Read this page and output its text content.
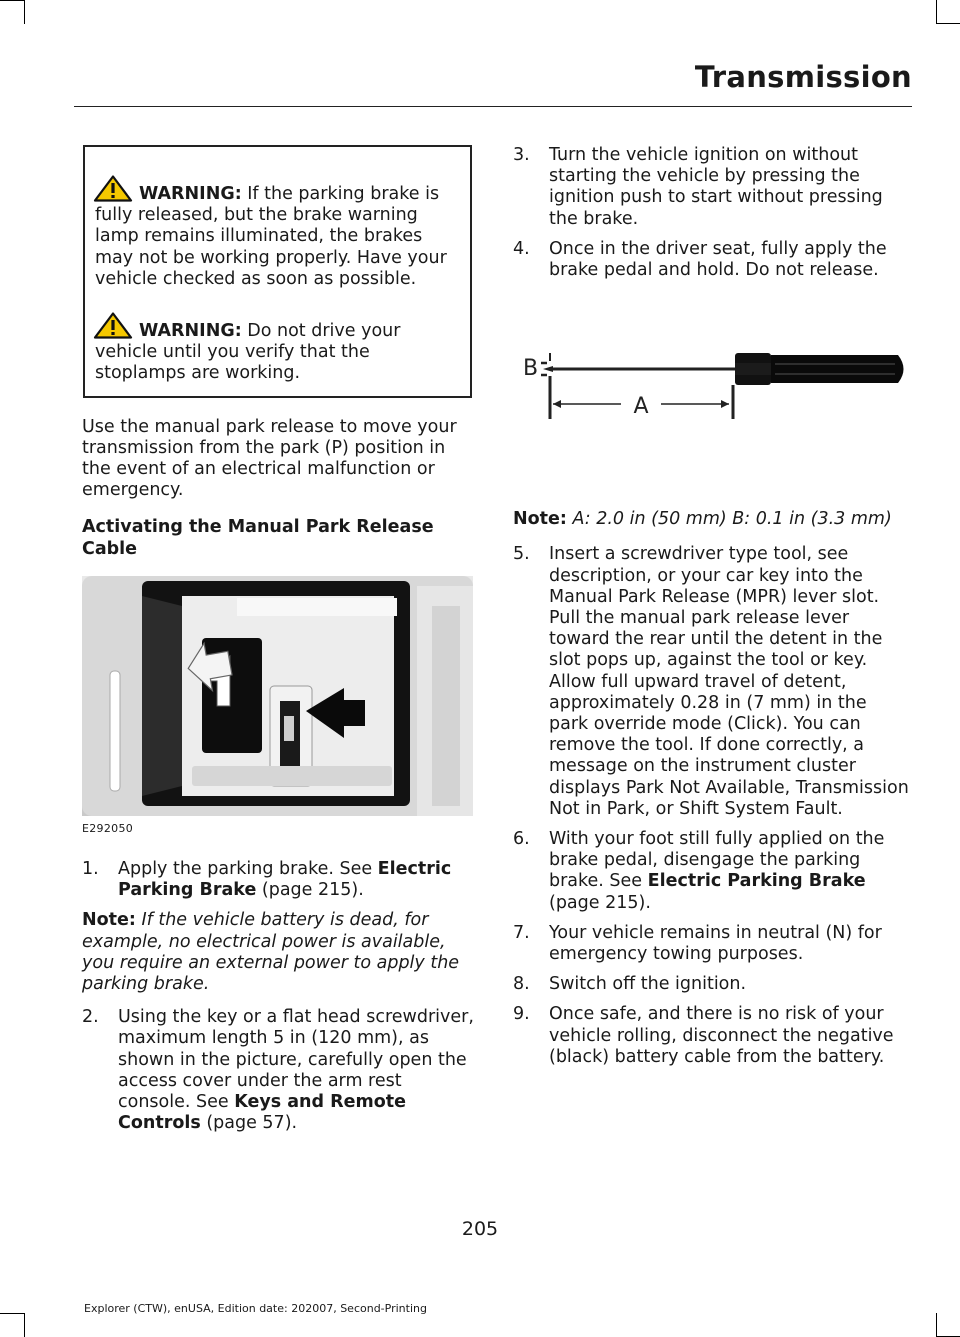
Transmission
WARNING: If the parking brake is fully released, but the brake warning lamp remains illuminated, the brakes may not be working properly. Have your vehicle checked as soon as possible.
WARNING: Do not drive your vehicle until you verify that the stoplamps are working.

Use the manual park release to move your transmission from the park (P) position in the event of an electrical malfunction or emergency.

Activating the Manual Park Release Cable
E292050
1. Apply the parking brake. See Electric Parking Brake (page 215).

Note: If the vehicle battery is dead, for example, no electrical power is available, you require an external power to apply the parking brake.

2. Using the key or a flat head screwdriver, maximum length 5 in (120 mm), as shown in the picture, carefully open the access cover under the arm rest console. See Keys and Remote Controls (page 57).
3. Turn the vehicle ignition on without starting the vehicle by pressing the ignition push to start without pressing the brake.
4. Once in the driver seat, fully apply the brake pedal and hold. Do not release.
A
B

Note: A: 2.0 in (50 mm) B: 0.1 in (3.3 mm)

5. Insert a screwdriver type tool, see description, or your car key into the Manual Park Release (MPR) lever slot. Pull the manual park release lever toward the rear until the detent in the slot pops up, against the tool or key. Allow full upward travel of detent, approximately 0.28 in (7 mm) in the park override mode (Click). You can remove the tool. If done correctly, a message on the instrument cluster displays Park Not Available, Transmission Not in Park, or Shift System Fault.
6. With your foot still fully applied on the brake pedal, disengage the parking brake. See Electric Parking Brake (page 215).
7. Your vehicle remains in neutral (N) for emergency towing purposes.
8. Switch off the ignition.
9. Once safe, and there is no risk of your vehicle rolling, disconnect the negative (black) battery cable from the battery.
205
Explorer (CTW), enUSA, Edition date: 202007, Second-Printing
